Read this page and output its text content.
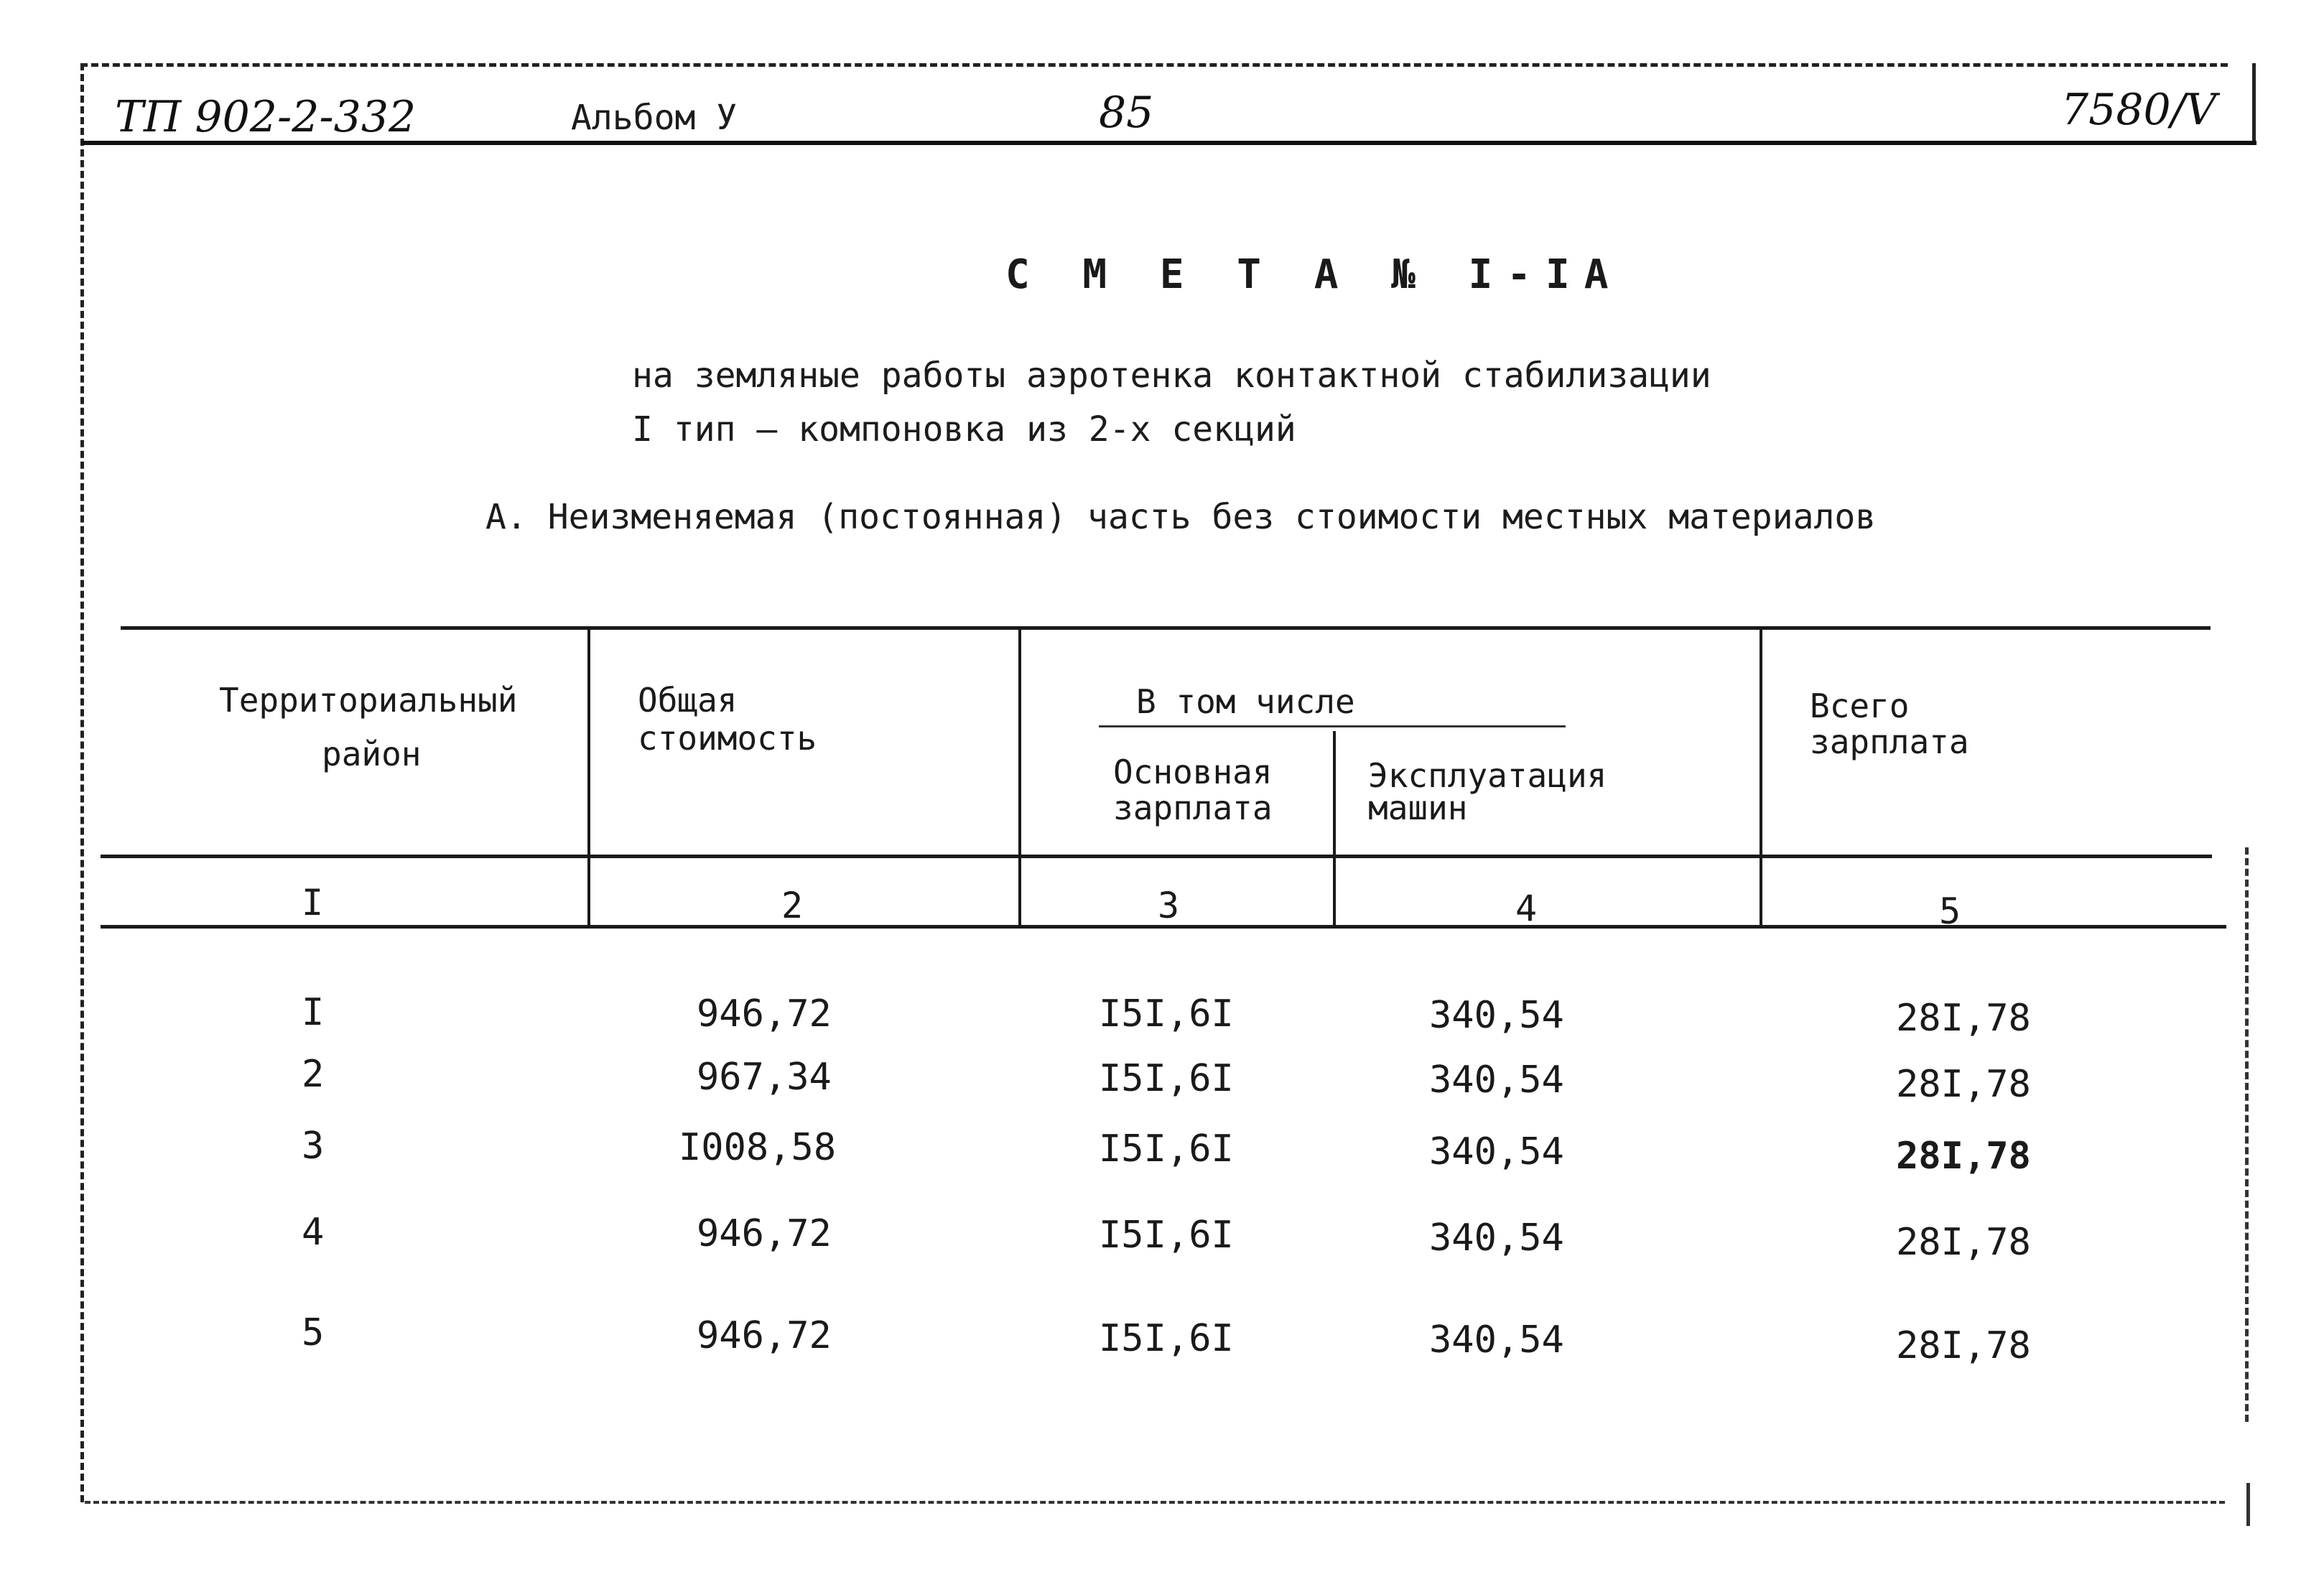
ТП 902-2-332	Альбом У	85	7580/V
С М Е Т А № I-IA
на земляные работы аэротенка контактной стабилизации
I тип – компоновка из 2-х секций
А. Неизменяемая (постоянная) часть без стоимости местных материалов
Территориальный
район
Общая
стоимость
В том числе
Основная
зарплата
Эксплуатация
машин
Всего
зарплата
I	2	3	4	5
I	946,72	I5I,6I	340,54	28I,78
2	967,34	I5I,6I	340,54	28I,78
3	I008,58	I5I,6I	340,54	28I,78
4	946,72	I5I,6I	340,54	28I,78
5	946,72	I5I,6I	340,54	28I,78
